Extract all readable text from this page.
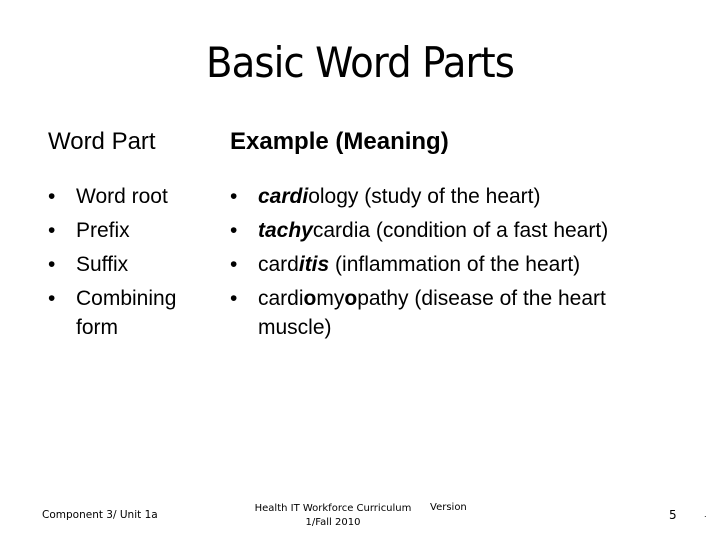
Basic Word Parts
Word Part
• Word root
• Prefix
• Suffix
• Combining
form
Example (Meaning)
• cardiology (study of the heart)
• tachycardia (condition of a fast heart)
• carditis (inflammation of the heart)
• cardiomyopathy (disease of the heart
muscle)
Component 3/ Unit 1a
Health IT Workforce Curriculum
1/Fall 2010
Version
5	.
